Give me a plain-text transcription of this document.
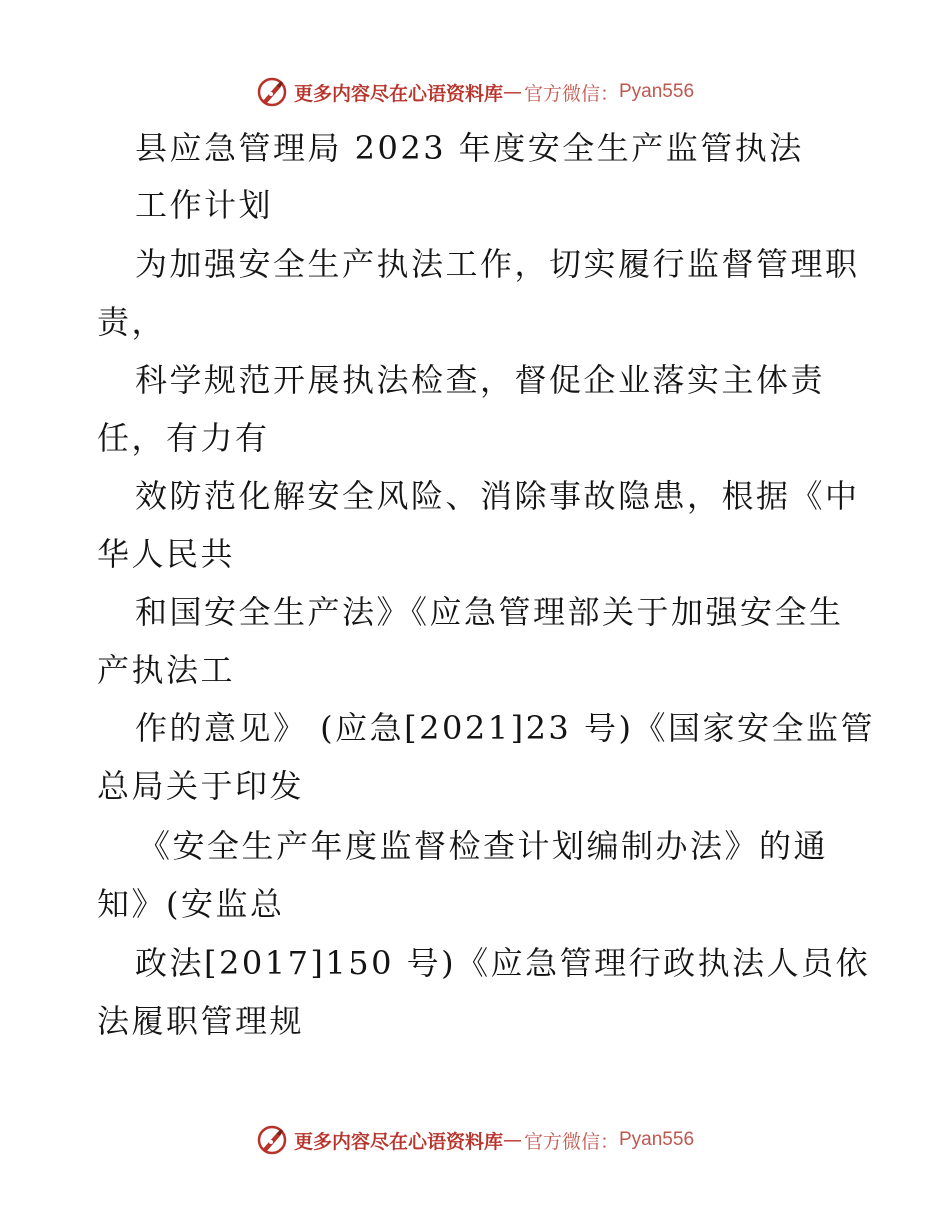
更多内容尽在心语资料库 — 官方微信： Pyan556
县应急管理局 2023 年度安全生产监管执法
工作计划
为加强安全生产执法工作，切实履行监督管理职
责，
科学规范开展执法检查，督促企业落实主体责
任，有力有
效防范化解安全风险、消除事故隐患，根据《中
华人民共
和国安全生产法》《应急管理部关于加强安全生
产执法工
作的意见》 (应急[2021]23 号)《国家安全监管
总局关于印发
《安全生产年度监督检查计划编制办法》的通
知》(安监总
政法[2017]150 号)《应急管理行政执法人员依
法履职管理规
更多内容尽在心语资料库 — 官方微信： Pyan556
